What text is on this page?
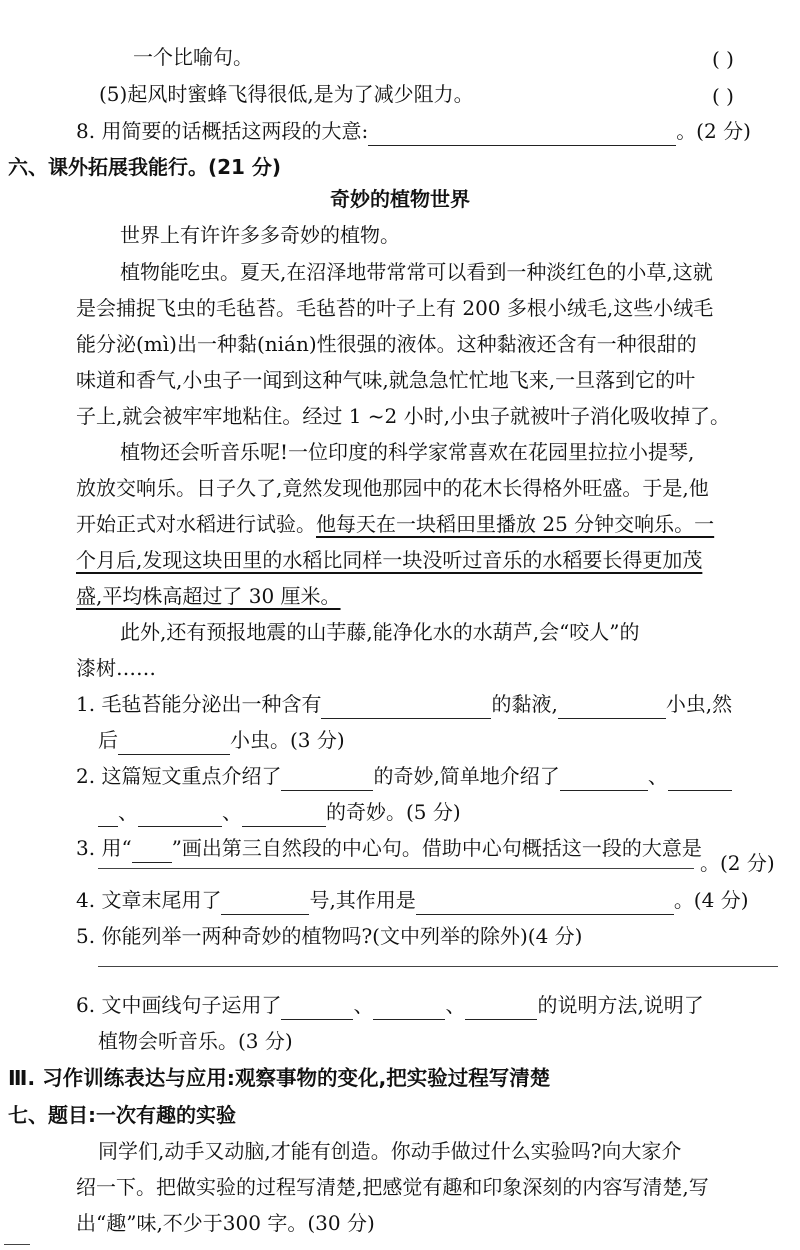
一个比喻句。	( )
(5)起风时蜜蜂飞得很低,是为了减少阻力。	( )
8. 用简要的话概括这两段的大意:	。(2 分)
六、课外拓展我能行。(21 分)
奇妙的植物世界
世界上有许许多多奇妙的植物。
植物能吃虫。夏天,在沼泽地带常常可以看到一种淡红色的小草,这就
是会捕捉飞虫的毛毡苔。毛毡苔的叶子上有 200 多根小绒毛,这些小绒毛
能分泌(mì)出一种黏(nián)性很强的液体。这种黏液还含有一种很甜的
味道和香气,小虫子一闻到这种气味,就急急忙忙地飞来,一旦落到它的叶
子上,就会被牢牢地粘住。经过 1 ~2 小时,小虫子就被叶子消化吸收掉了。
植物还会听音乐呢!一位印度的科学家常喜欢在花园里拉拉小提琴,
放放交响乐。日子久了,竟然发现他那园中的花木长得格外旺盛。于是,他
开始正式对水稻进行试验。他每天在一块稻田里播放 25 分钟交响乐。一
个月后,发现这块田里的水稻比同样一块没听过音乐的水稻要长得更加茂
盛,平均株高超过了 30 厘米。
此外,还有预报地震的山芋藤,能净化水的水葫芦,会“咬人”的
漆树……
1. 毛毡苔能分泌出一种含有	的黏液,	小虫,然
后	小虫。(3 分)
2. 这篇短文重点介绍了	的奇妙,简单地介绍了	、
、	、	的奇妙。(5 分)
3. 用“ ”画出第三自然段的中心句。借助中心句概括这一段的大意是
。(2 分)
4. 文章末尾用了	号,其作用是	。(4 分)
5. 你能列举一两种奇妙的植物吗?(文中列举的除外)(4 分)
6. 文中画线句子运用了	、	、	的说明方法,说明了
植物会听音乐。(3 分)
Ⅲ. 习作训练表达与应用:观察事物的变化,把实验过程写清楚
七、题目:一次有趣的实验
同学们,动手又动脑,才能有创造。你动手做过什么实验吗?向大家介
绍一下。把做实验的过程写清楚,把感觉有趣和印象深刻的内容写清楚,写
出“趣”味,不少于300 字。(30 分)
